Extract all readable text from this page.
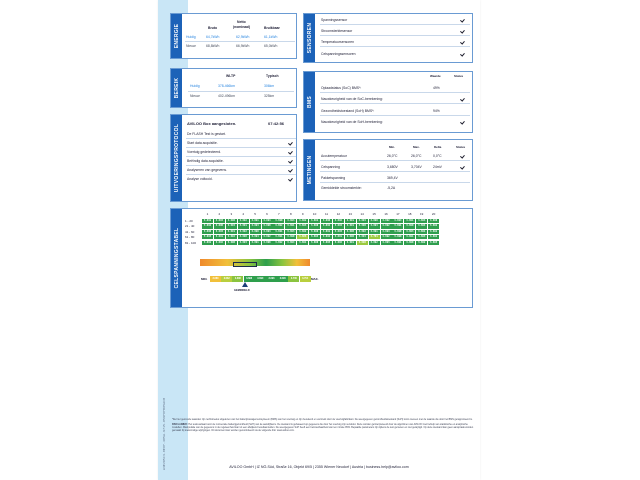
A3E2D5C3-8E0F-485A-9715-859F0FB05ACB
ENERGIE	Bruto
Netto
(nominaal)	Bruikbaar
Huidig	64,7kWh	62,9kWh	61,1kWh
Nieuw:	68,8kWh	66,9kWh	65,0kWh
BEREIK
WLTP	Typisch
Huidig	378-466km	306km
Nieuw:	402-496km	325km
UITVOERINGSPROTOCOL
AVILOO Box aangesloten.	07:42:56
De FLASH Test is gestart.
Start data acquisitie.
Voertuig gedetecteerd.
Beëindig data acquisitie.
Analyseren van gegevens.
Analyse voltooid.
SENSOREN
Spanningssensor
Stroomsterktesensor
Temperatuursensoren
Celspanningssensoren
BMS
Waarde	Status
Oplaadstatus (SoC) BMS*:	49%
Nauwkeurigheid van de SoC-berekening:
Gezondheidstoestand (SoH) BMS*:	94%
Nauwkeurigheid van de SoH-berekening:
METINGEN
Min.	Max.	Delta	Status
Accutemperatuur	26,0°C	26,0°C	0,0°C
Celspanning	3,680V	3,704V	24mV
Pakketspanning	369,4V
Gemiddelde stroomsterkte:	-5,2A
CELSPANNINGSTABEL
1	2	3	4	5	6	7	8	9	10	11	12	13	14	15	16	17	18	19	20
1 - 20	3.691	3.693	3.690	3.692	3.691	3.694	3.690	3.693	3.692	3.691	3.690	3.692	3.691	3.693	3.690	3.692	3.694	3.691	3.693	3.690
21 - 40	3.692	3.690	3.694	3.691	3.693	3.690	3.692	3.691	3.693	3.690	3.692	3.694	3.691	3.690	3.693	3.692	3.691	3.690	3.694	3.692
41 - 60	3.690	3.693	3.691	3.692	3.690	3.694	3.691	3.693	3.692	3.690	3.691	3.693	3.690	3.692	3.691	3.694	3.690	3.693	3.691	3.692
61 - 80	3.693	3.691	3.692	3.690	3.694	3.692	3.691	3.690	3.686	3.693	3.692	3.691	3.690	3.694	3.704	3.692	3.690	3.691	3.693	3.692
81 - 100	3.691	3.692	3.690	3.693	3.691	3.690	3.692	3.694	3.691	3.690	3.693	3.692	3.691	3.690	3.692	3.693	3.691	3.690	3.692	3.693
MIN.	MAX.
GEMIDDELD
3.680	3.682	3.686	3.688	3.690	3.693	3.696	3.700	3.704
*De hier getoonde waarden zijn rechtstreeks uitgelezen van het batterijmanagementsysteem (BMS) van het voertuig en zijn berekend en verstrekt door de voertuigfabrikant. De weergegeven gezondheidstoestand (SoH) komt overeen met de waarde die door het BMS gerapporteerd is.
DISCLAIMER: Het testresultaat toont de momentele batterijgezondheid (SoH) van de aandrijfaccu. De toestand is gebaseerd op gegevens die door het voertuig zijn verstrekt. Deze worden geïnterpreteerd door de algoritmen van AVILOO met behulp van statistische en analytische modellen. Manipulatie van de gegevens in de regeleenheid kan tot een afwijkend resultaat leiden. De weergegeven SoH heeft een betrouwbaarheid van ten minste 95%. Bepaalde parameters zijn tijdens de test gemeten en niet gewijzigd. Op deze toestand kan geen aanspraak worden gemaakt bij toekomstige wijzigingen. Dit document kan worden gecontroleerd via de volgende link: www.aviloo.com.
AVILOO GmbH | IZ NÖ-Süd, Straße 16, Objekt 69/5 | 2355 Wiener Neudorf | Austria | business.help@aviloo.com
